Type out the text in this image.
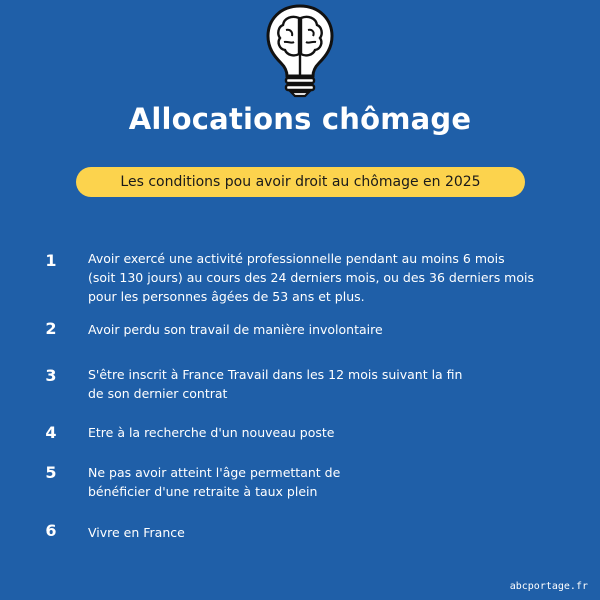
Allocations chômage
Les conditions pou avoir droit au chômage en 2025
1	Avoir exercé une activité professionnelle pendant au moins 6 mois
(soit 130 jours) au cours des 24 derniers mois, ou des 36 derniers mois
pour les personnes âgées de 53 ans et plus.
2	Avoir perdu son travail de manière involontaire
3	S'être inscrit à France Travail dans les 12 mois suivant la fin
de son dernier contrat
4	Etre à la recherche d'un nouveau poste
5	Ne pas avoir atteint l'âge permettant de
bénéficier d'une retraite à taux plein
6	Vivre en France
abcportage.fr
